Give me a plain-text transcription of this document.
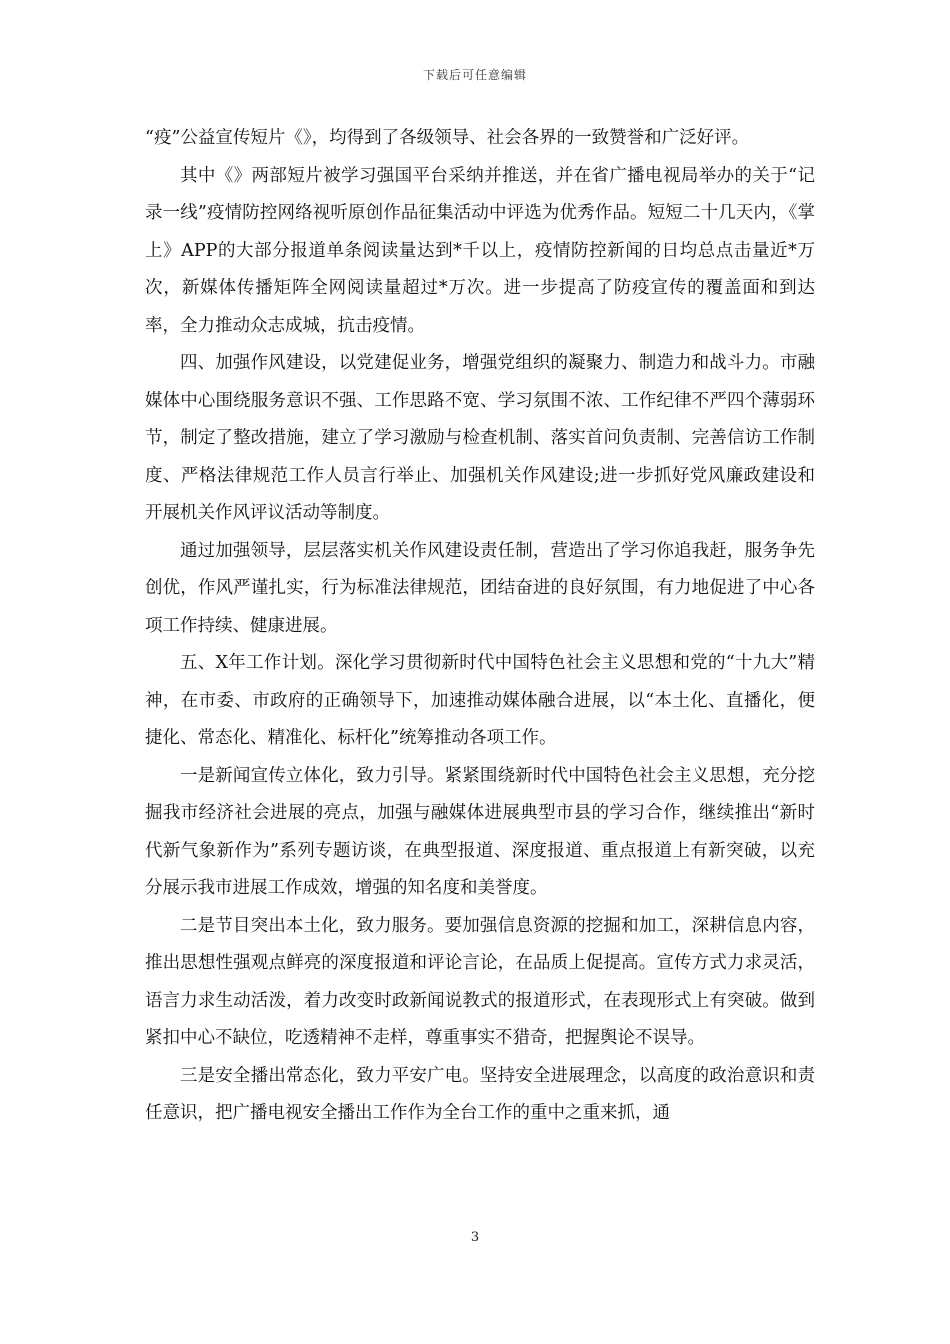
下载后可任意编辑

“疫”公益宣传短片《》，均得到了各级领导、社会各界的一致赞誉和广泛好评。

其中《》两部短片被学习强国平台采纳并推送，并在省广播电视局举办的关于“记录一线”疫情防控网络视听原创作品征集活动中评选为优秀作品。短短二十几天内，《掌上》APP的大部分报道单条阅读量达到*千以上，疫情防控新闻的日均总点击量近*万次，新媒体传播矩阵全网阅读量超过*万次。进一步提高了防疫宣传的覆盖面和到达率，全力推动众志成城，抗击疫情。

四、加强作风建设，以党建促业务，增强党组织的凝聚力、制造力和战斗力。市融媒体中心围绕服务意识不强、工作思路不宽、学习氛围不浓、工作纪律不严四个薄弱环节，制定了整改措施，建立了学习激励与检查机制、落实首问负责制、完善信访工作制度、严格法律规范工作人员言行举止、加强机关作风建设;进一步抓好党风廉政建设和开展机关作风评议活动等制度。

通过加强领导，层层落实机关作风建设责任制，营造出了学习你追我赶，服务争先创优，作风严谨扎实，行为标准法律规范，团结奋进的良好氛围，有力地促进了中心各项工作持续、健康进展。

五、X年工作计划。深化学习贯彻新时代中国特色社会主义思想和党的“十九大”精神，在市委、市政府的正确领导下，加速推动媒体融合进展，以“本土化、直播化，便捷化、常态化、精准化、标杆化”统筹推动各项工作。

一是新闻宣传立体化，致力引导。紧紧围绕新时代中国特色社会主义思想，充分挖掘我市经济社会进展的亮点，加强与融媒体进展典型市县的学习合作，继续推出“新时代新气象新作为”系列专题访谈，在典型报道、深度报道、重点报道上有新突破，以充分展示我市进展工作成效，增强的知名度和美誉度。

二是节目突出本土化，致力服务。要加强信息资源的挖掘和加工，深耕信息内容，推出思想性强观点鲜亮的深度报道和评论言论，在品质上促提高。宣传方式力求灵活，语言力求生动活泼，着力改变时政新闻说教式的报道形式，在表现形式上有突破。做到紧扣中心不缺位，吃透精神不走样，尊重事实不猎奇，把握舆论不误导。

三是安全播出常态化，致力平安广电。坚持安全进展理念，以高度的政治意识和责任意识，把广播电视安全播出工作作为全台工作的重中之重来抓，通

3
